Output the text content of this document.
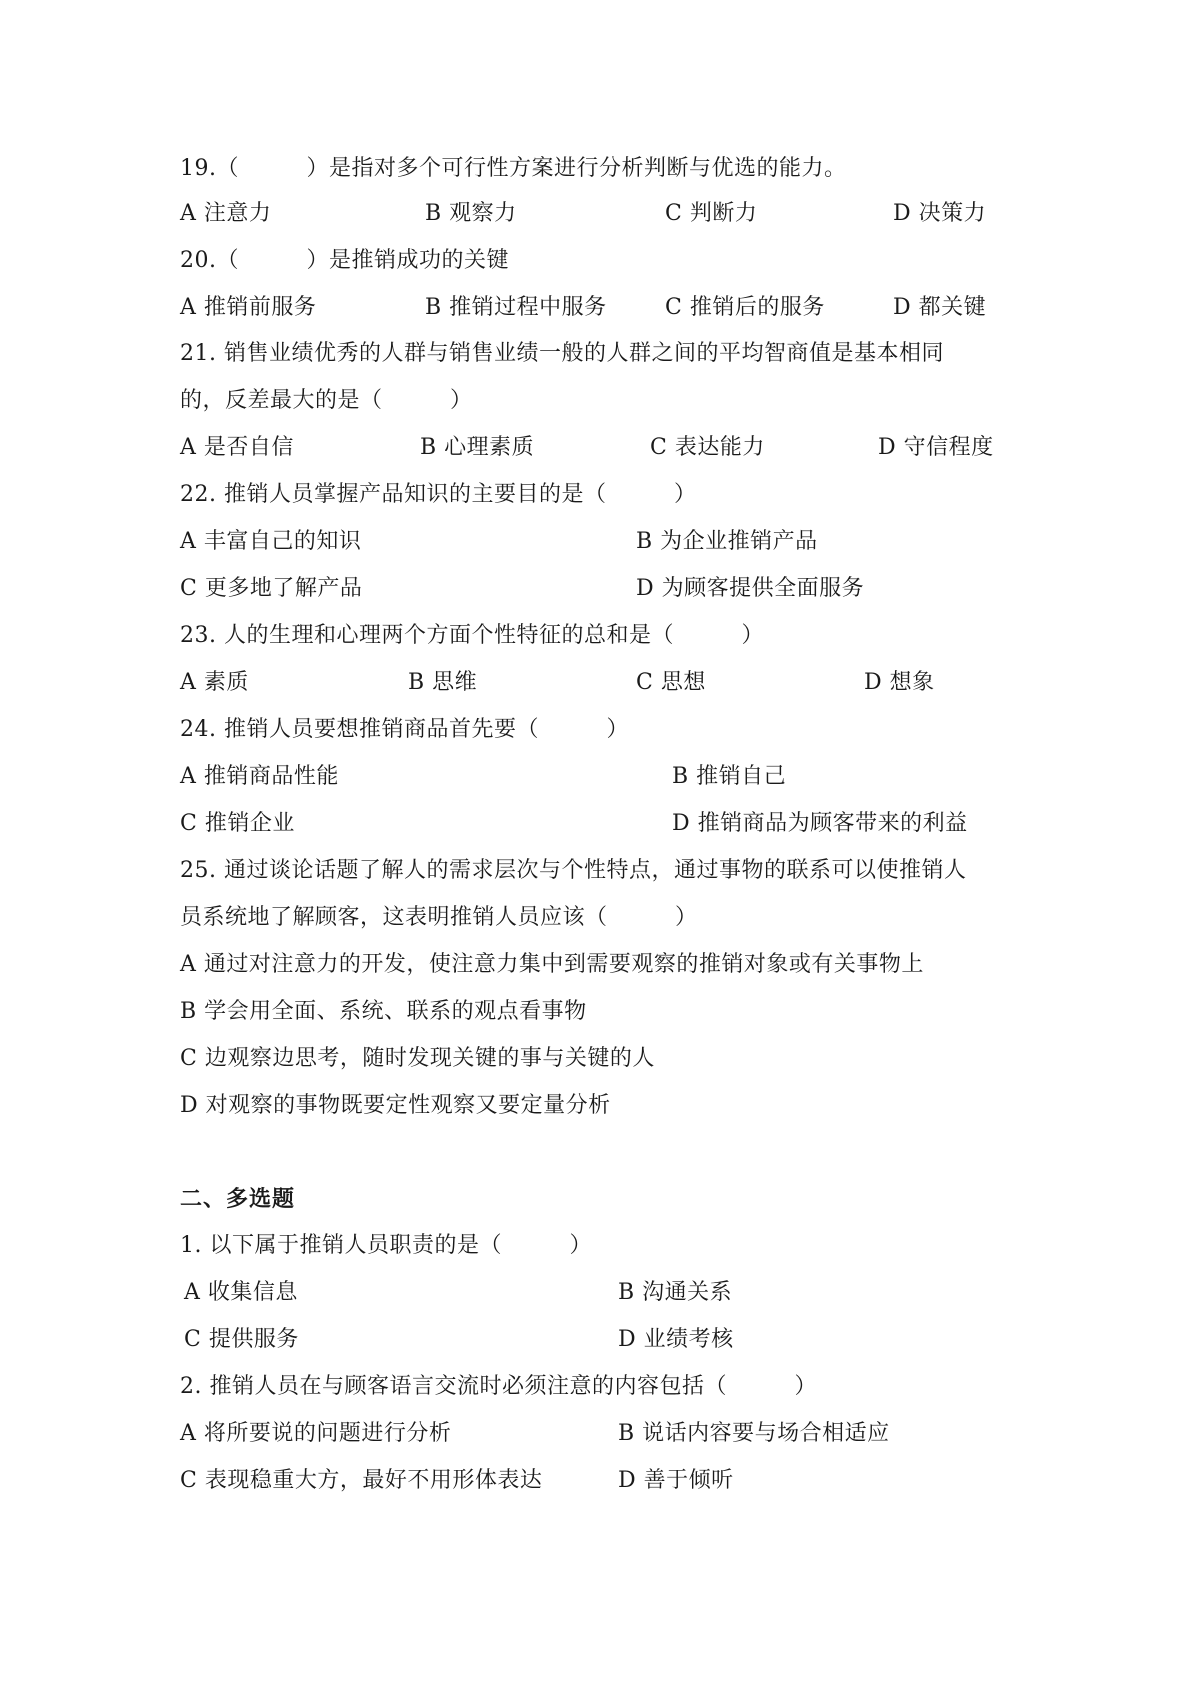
19.（　　　）是指对多个可行性方案进行分析判断与优选的能力。
A 注意力	B 观察力	C 判断力	D 决策力
20.（　　　）是推销成功的关键
A 推销前服务	B 推销过程中服务	C 推销后的服务	D 都关键
21. 销售业绩优秀的人群与销售业绩一般的人群之间的平均智商值是基本相同
的，反差最大的是（　　　）
A 是否自信	B 心理素质	C 表达能力	D 守信程度
22. 推销人员掌握产品知识的主要目的是（　　　）
A 丰富自己的知识	B 为企业推销产品
C 更多地了解产品	D 为顾客提供全面服务
23. 人的生理和心理两个方面个性特征的总和是（　　　）
A 素质	B 思维	C 思想	D 想象
24. 推销人员要想推销商品首先要（　　　）
A 推销商品性能	B 推销自己
C 推销企业	D 推销商品为顾客带来的利益
25. 通过谈论话题了解人的需求层次与个性特点，通过事物的联系可以使推销人
员系统地了解顾客，这表明推销人员应该（　　　）
A 通过对注意力的开发，使注意力集中到需要观察的推销对象或有关事物上
B 学会用全面、系统、联系的观点看事物
C 边观察边思考，随时发现关键的事与关键的人
D 对观察的事物既要定性观察又要定量分析
二、多选题
1. 以下属于推销人员职责的是（　　　）
A 收集信息	B 沟通关系
C 提供服务	D 业绩考核
2. 推销人员在与顾客语言交流时必须注意的内容包括（　　　）
A 将所要说的问题进行分析	B 说话内容要与场合相适应
C 表现稳重大方，最好不用形体表达	D 善于倾听
